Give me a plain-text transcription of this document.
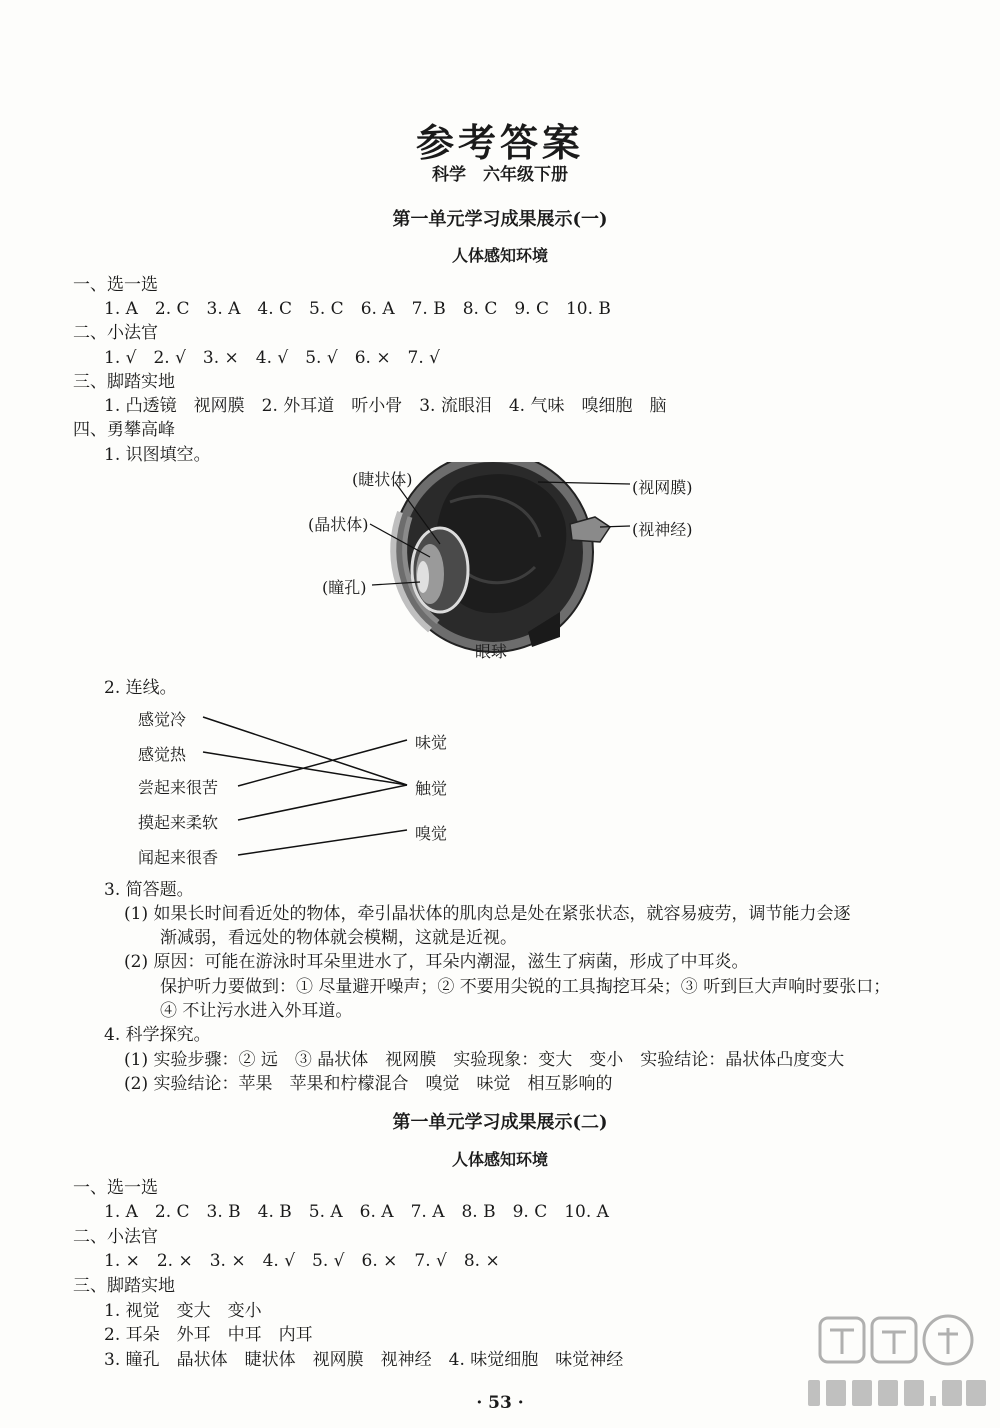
参考答案
科学　六年级下册
第一单元学习成果展示(一)
人体感知环境
一、选一选
1. A　2. C　3. A　4. C　5. C　6. A　7. B　8. C　9. C　10. B
二、小法官
1. √　2. √　3. ×　4. √　5. √　6. ×　7. √
三、脚踏实地
1. 凸透镜　视网膜　2. 外耳道　听小骨　3. 流眼泪　4. 气味　嗅细胞　脑
四、勇攀高峰
1. 识图填空。
(睫状体)
(晶状体)
(瞳孔)
(视网膜)
(视神经)
眼球
2. 连线。
感觉冷
感觉热
尝起来很苦
摸起来柔软
闻起来很香
味觉
触觉
嗅觉
3. 简答题。
(1) 如果长时间看近处的物体，牵引晶状体的肌肉总是处在紧张状态，就容易疲劳，调节能力会逐
渐减弱，看远处的物体就会模糊，这就是近视。
(2) 原因：可能在游泳时耳朵里进水了，耳朵内潮湿，滋生了病菌，形成了中耳炎。
保护听力要做到：① 尽量避开噪声；② 不要用尖锐的工具掏挖耳朵；③ 听到巨大声响时要张口；
④ 不让污水进入外耳道。
4. 科学探究。
(1) 实验步骤：② 远　③ 晶状体　视网膜　实验现象：变大　变小　实验结论：晶状体凸度变大
(2) 实验结论：苹果　苹果和柠檬混合　嗅觉　味觉　相互影响的
第一单元学习成果展示(二)
人体感知环境
一、选一选
1. A　2. C　3. B　4. B　5. A　6. A　7. A　8. B　9. C　10. A
二、小法官
1. ×　2. ×　3. ×　4. √　5. √　6. ×　7. √　8. ×
三、脚踏实地
1. 视觉　变大　变小
2. 耳朵　外耳　中耳　内耳
3. 瞳孔　晶状体　睫状体　视网膜　视神经　4. 味觉细胞　味觉神经
· 53 ·
